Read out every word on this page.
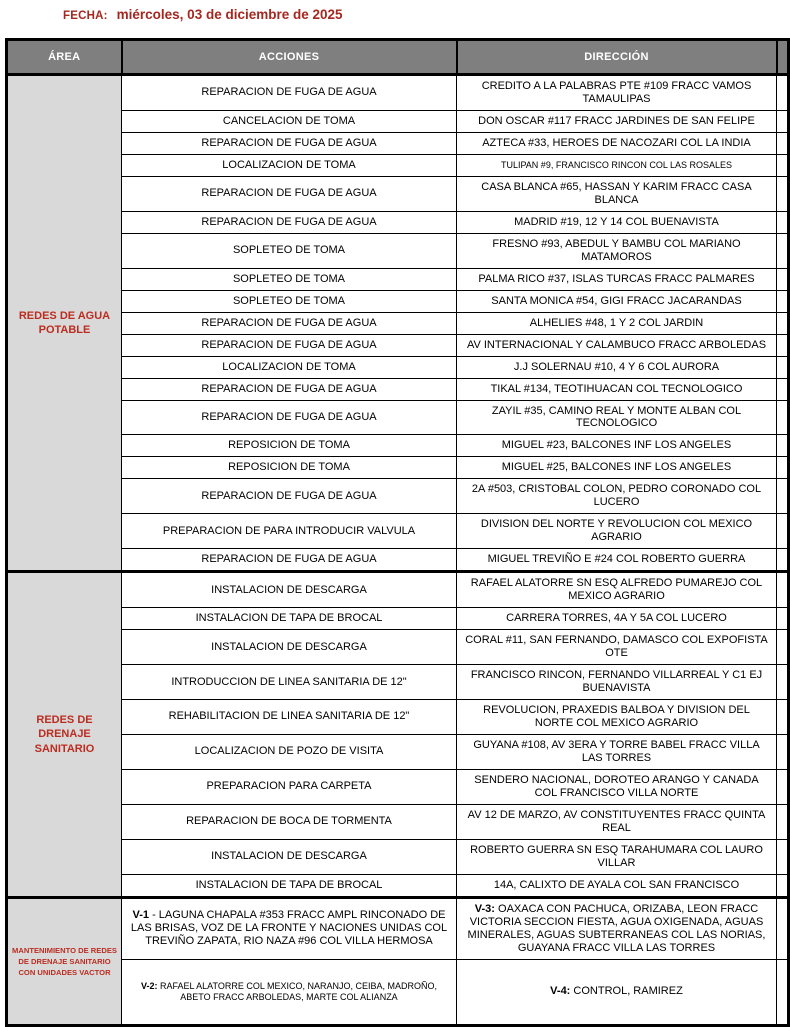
FECHA: miércoles, 03 de diciembre de 2025
ÁREA	ACCIONES	DIRECCIÓN	
REDES DE AGUA POTABLE	REPARACION DE FUGA DE AGUA	CREDITO A LA PALABRAS PTE #109 FRACC VAMOS TAMAULIPAS	
	CANCELACION DE TOMA	DON OSCAR #117 FRACC JARDINES DE SAN FELIPE	
	REPARACION DE FUGA DE AGUA	AZTECA #33, HEROES DE NACOZARI COL LA INDIA	
	LOCALIZACION DE TOMA	TULIPAN #9, FRANCISCO RINCON COL LAS ROSALES	
	REPARACION DE FUGA DE AGUA	CASA BLANCA #65, HASSAN Y KARIM FRACC CASA BLANCA	
	REPARACION DE FUGA DE AGUA	MADRID #19, 12 Y 14 COL BUENAVISTA	
	SOPLETEO DE TOMA	FRESNO #93, ABEDUL Y BAMBU COL MARIANO MATAMOROS	
	SOPLETEO DE TOMA	PALMA RICO #37, ISLAS TURCAS FRACC PALMARES	
	SOPLETEO DE TOMA	SANTA MONICA #54, GIGI FRACC JACARANDAS	
	REPARACION DE FUGA DE AGUA	ALHELIES #48, 1 Y 2 COL JARDIN	
	REPARACION DE FUGA DE AGUA	AV INTERNACIONAL Y CALAMBUCO FRACC ARBOLEDAS	
	LOCALIZACION DE TOMA	J.J SOLERNAU #10, 4 Y 6 COL AURORA	
	REPARACION DE FUGA DE AGUA	TIKAL #134, TEOTIHUACAN COL TECNOLOGICO	
	REPARACION DE FUGA DE AGUA	ZAYIL #35, CAMINO REAL Y MONTE ALBAN COL TECNOLOGICO	
	REPOSICION DE TOMA	MIGUEL #23, BALCONES INF LOS ANGELES	
	REPOSICION DE TOMA	MIGUEL #25, BALCONES INF LOS ANGELES	
	REPARACION DE FUGA DE AGUA	2A #503, CRISTOBAL COLON, PEDRO CORONADO COL LUCERO	
	PREPARACION DE PARA INTRODUCIR VALVULA	DIVISION DEL NORTE Y REVOLUCION COL MEXICO AGRARIO	
	REPARACION DE FUGA DE AGUA	MIGUEL TREVIÑO E #24 COL ROBERTO GUERRA	
REDES DE DRENAJE SANITARIO	INSTALACION DE DESCARGA	RAFAEL ALATORRE SN ESQ ALFREDO PUMAREJO COL MEXICO AGRARIO	
	INSTALACION DE TAPA DE BROCAL	CARRERA TORRES, 4A Y 5A COL LUCERO	
	INSTALACION DE DESCARGA	CORAL #11, SAN FERNANDO, DAMASCO COL EXPOFISTA OTE	
	INTRODUCCION DE LINEA SANITARIA DE 12"	FRANCISCO RINCON, FERNANDO VILLARREAL Y C1 EJ BUENAVISTA	
	REHABILITACION DE LINEA SANITARIA DE 12"	REVOLUCION, PRAXEDIS BALBOA Y DIVISION DEL NORTE COL MEXICO AGRARIO	
	LOCALIZACION DE POZO DE VISITA	GUYANA #108, AV 3ERA Y TORRE BABEL FRACC VILLA LAS TORRES	
	PREPARACION PARA CARPETA	SENDERO NACIONAL, DOROTEO ARANGO Y CANADA COL FRANCISCO VILLA NORTE	
	REPARACION DE BOCA DE TORMENTA	AV 12 DE MARZO, AV CONSTITUYENTES FRACC QUINTA REAL	
	INSTALACION DE DESCARGA	ROBERTO GUERRA SN ESQ TARAHUMARA COL LAURO VILLAR	
	INSTALACION DE TAPA DE BROCAL	14A, CALIXTO DE AYALA COL SAN FRANCISCO	
MANTENIMIENTO DE REDES DE DRENAJE SANITARIO CON UNIDADES VACTOR	V-1 - LAGUNA CHAPALA #353 FRACC AMPL RINCONADO DE LAS BRISAS, VOZ DE LA FRONTE Y NACIONES UNIDAS COL TREVIÑO ZAPATA, RIO NAZA #96 COL VILLA HERMOSA	V-3: OAXACA CON PACHUCA, ORIZABA, LEON FRACC VICTORIA SECCION FIESTA, AGUA OXIGENADA, AGUAS MINERALES, AGUAS SUBTERRANEAS COL LAS NORIAS, GUAYANA FRACC VILLA LAS TORRES	
	V-2: RAFAEL ALATORRE COL MEXICO, NARANJO, CEIBA, MADROÑO, ABETO FRACC ARBOLEDAS, MARTE COL ALIANZA	V-4: CONTROL, RAMIREZ	
